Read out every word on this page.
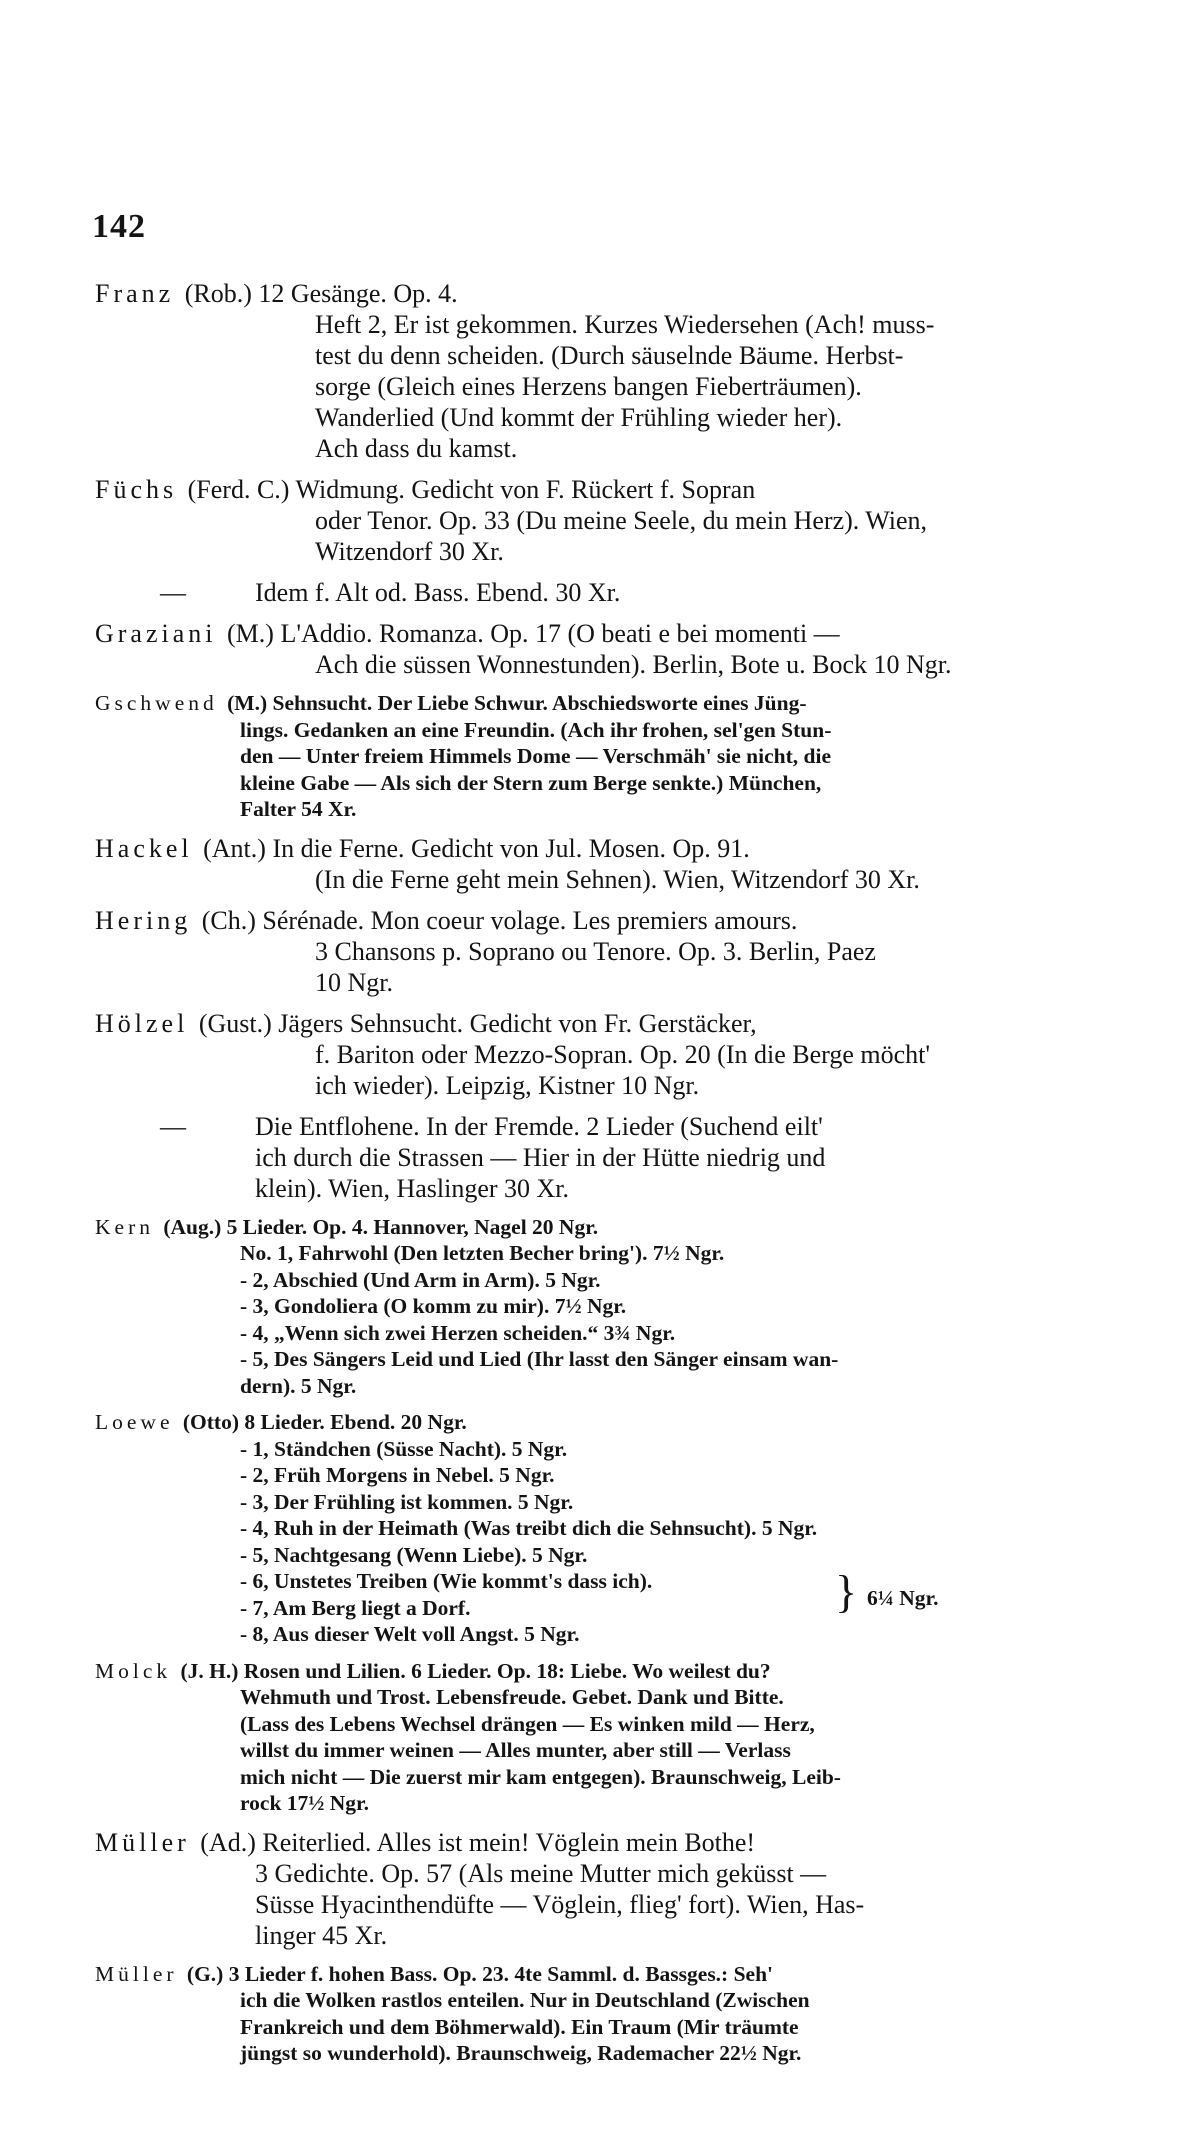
142
Franz (Rob.) 12 Gesänge. Op. 4.
Heft 2, Er ist gekommen. Kurzes Wiedersehen (Ach! muss-
test du denn scheiden. (Durch säuselnde Bäume. Herbst-
sorge (Gleich eines Herzens bangen Fieberträumen).
Wanderlied (Und kommt der Frühling wieder her).
Ach dass du kamst.
Füchs (Ferd. C.) Widmung. Gedicht von F. Rückert f. Sopran
oder Tenor. Op. 33 (Du meine Seele, du mein Herz). Wien,
Witzendorf 30 Xr.
—	Idem f. Alt od. Bass. Ebend. 30 Xr.
Graziani (M.) L'Addio. Romanza. Op. 17 (O beati e bei momenti —
Ach die süssen Wonnestunden). Berlin, Bote u. Bock 10 Ngr.
Gschwend (M.) Sehnsucht. Der Liebe Schwur. Abschiedsworte eines Jüng-
lings. Gedanken an eine Freundin. (Ach ihr frohen, sel'gen Stun-
den — Unter freiem Himmels Dome — Verschmäh' sie nicht, die
kleine Gabe — Als sich der Stern zum Berge senkte.) München,
Falter 54 Xr.
Hackel (Ant.) In die Ferne. Gedicht von Jul. Mosen. Op. 91.
(In die Ferne geht mein Sehnen). Wien, Witzendorf 30 Xr.
Hering (Ch.) Sérénade. Mon coeur volage. Les premiers amours.
3 Chansons p. Soprano ou Tenore. Op. 3. Berlin, Paez
10 Ngr.
Hölzel (Gust.) Jägers Sehnsucht. Gedicht von Fr. Gerstäcker,
f. Bariton oder Mezzo-Sopran. Op. 20 (In die Berge möcht'
ich wieder). Leipzig, Kistner 10 Ngr.
—	Die Entflohene. In der Fremde. 2 Lieder (Suchend eilt'
ich durch die Strassen — Hier in der Hütte niedrig und
klein). Wien, Haslinger 30 Xr.
Kern (Aug.) 5 Lieder. Op. 4. Hannover, Nagel 20 Ngr.
No. 1, Fahrwohl (Den letzten Becher bring'). 7½ Ngr.
- 2, Abschied (Und Arm in Arm). 5 Ngr.
- 3, Gondoliera (O komm zu mir). 7½ Ngr.
- 4, „Wenn sich zwei Herzen scheiden.“ 3¾ Ngr.
- 5, Des Sängers Leid und Lied (Ihr lasst den Sänger einsam wan-
dern). 5 Ngr.
Loewe (Otto) 8 Lieder. Ebend. 20 Ngr.
- 1, Ständchen (Süsse Nacht). 5 Ngr.
- 2, Früh Morgens in Nebel. 5 Ngr.
- 3, Der Frühling ist kommen. 5 Ngr.
- 4, Ruh in der Heimath (Was treibt dich die Sehnsucht). 5 Ngr.
- 5, Nachtgesang (Wenn Liebe). 5 Ngr.
- 6, Unstetes Treiben (Wie kommt's dass ich).
- 7, Am Berg liegt a Dorf.	} 6¼ Ngr.
- 8, Aus dieser Welt voll Angst. 5 Ngr.
Molck (J. H.) Rosen und Lilien. 6 Lieder. Op. 18: Liebe. Wo weilest du?
Wehmuth und Trost. Lebensfreude. Gebet. Dank und Bitte.
(Lass des Lebens Wechsel drängen — Es winken mild — Herz,
willst du immer weinen — Alles munter, aber still — Verlass
mich nicht — Die zuerst mir kam entgegen). Braunschweig, Leib-
rock 17½ Ngr.
Müller (Ad.) Reiterlied. Alles ist mein! Vöglein mein Bothe!
3 Gedichte. Op. 57 (Als meine Mutter mich geküsst —
Süsse Hyacinthendüfte — Vöglein, flieg' fort). Wien, Has-
linger 45 Xr.
Müller (G.) 3 Lieder f. hohen Bass. Op. 23. 4te Samml. d. Bassges.: Seh'
ich die Wolken rastlos enteilen. Nur in Deutschland (Zwischen
Frankreich und dem Böhmerwald). Ein Traum (Mir träumte
jüngst so wunderhold). Braunschweig, Rademacher 22½ Ngr.
